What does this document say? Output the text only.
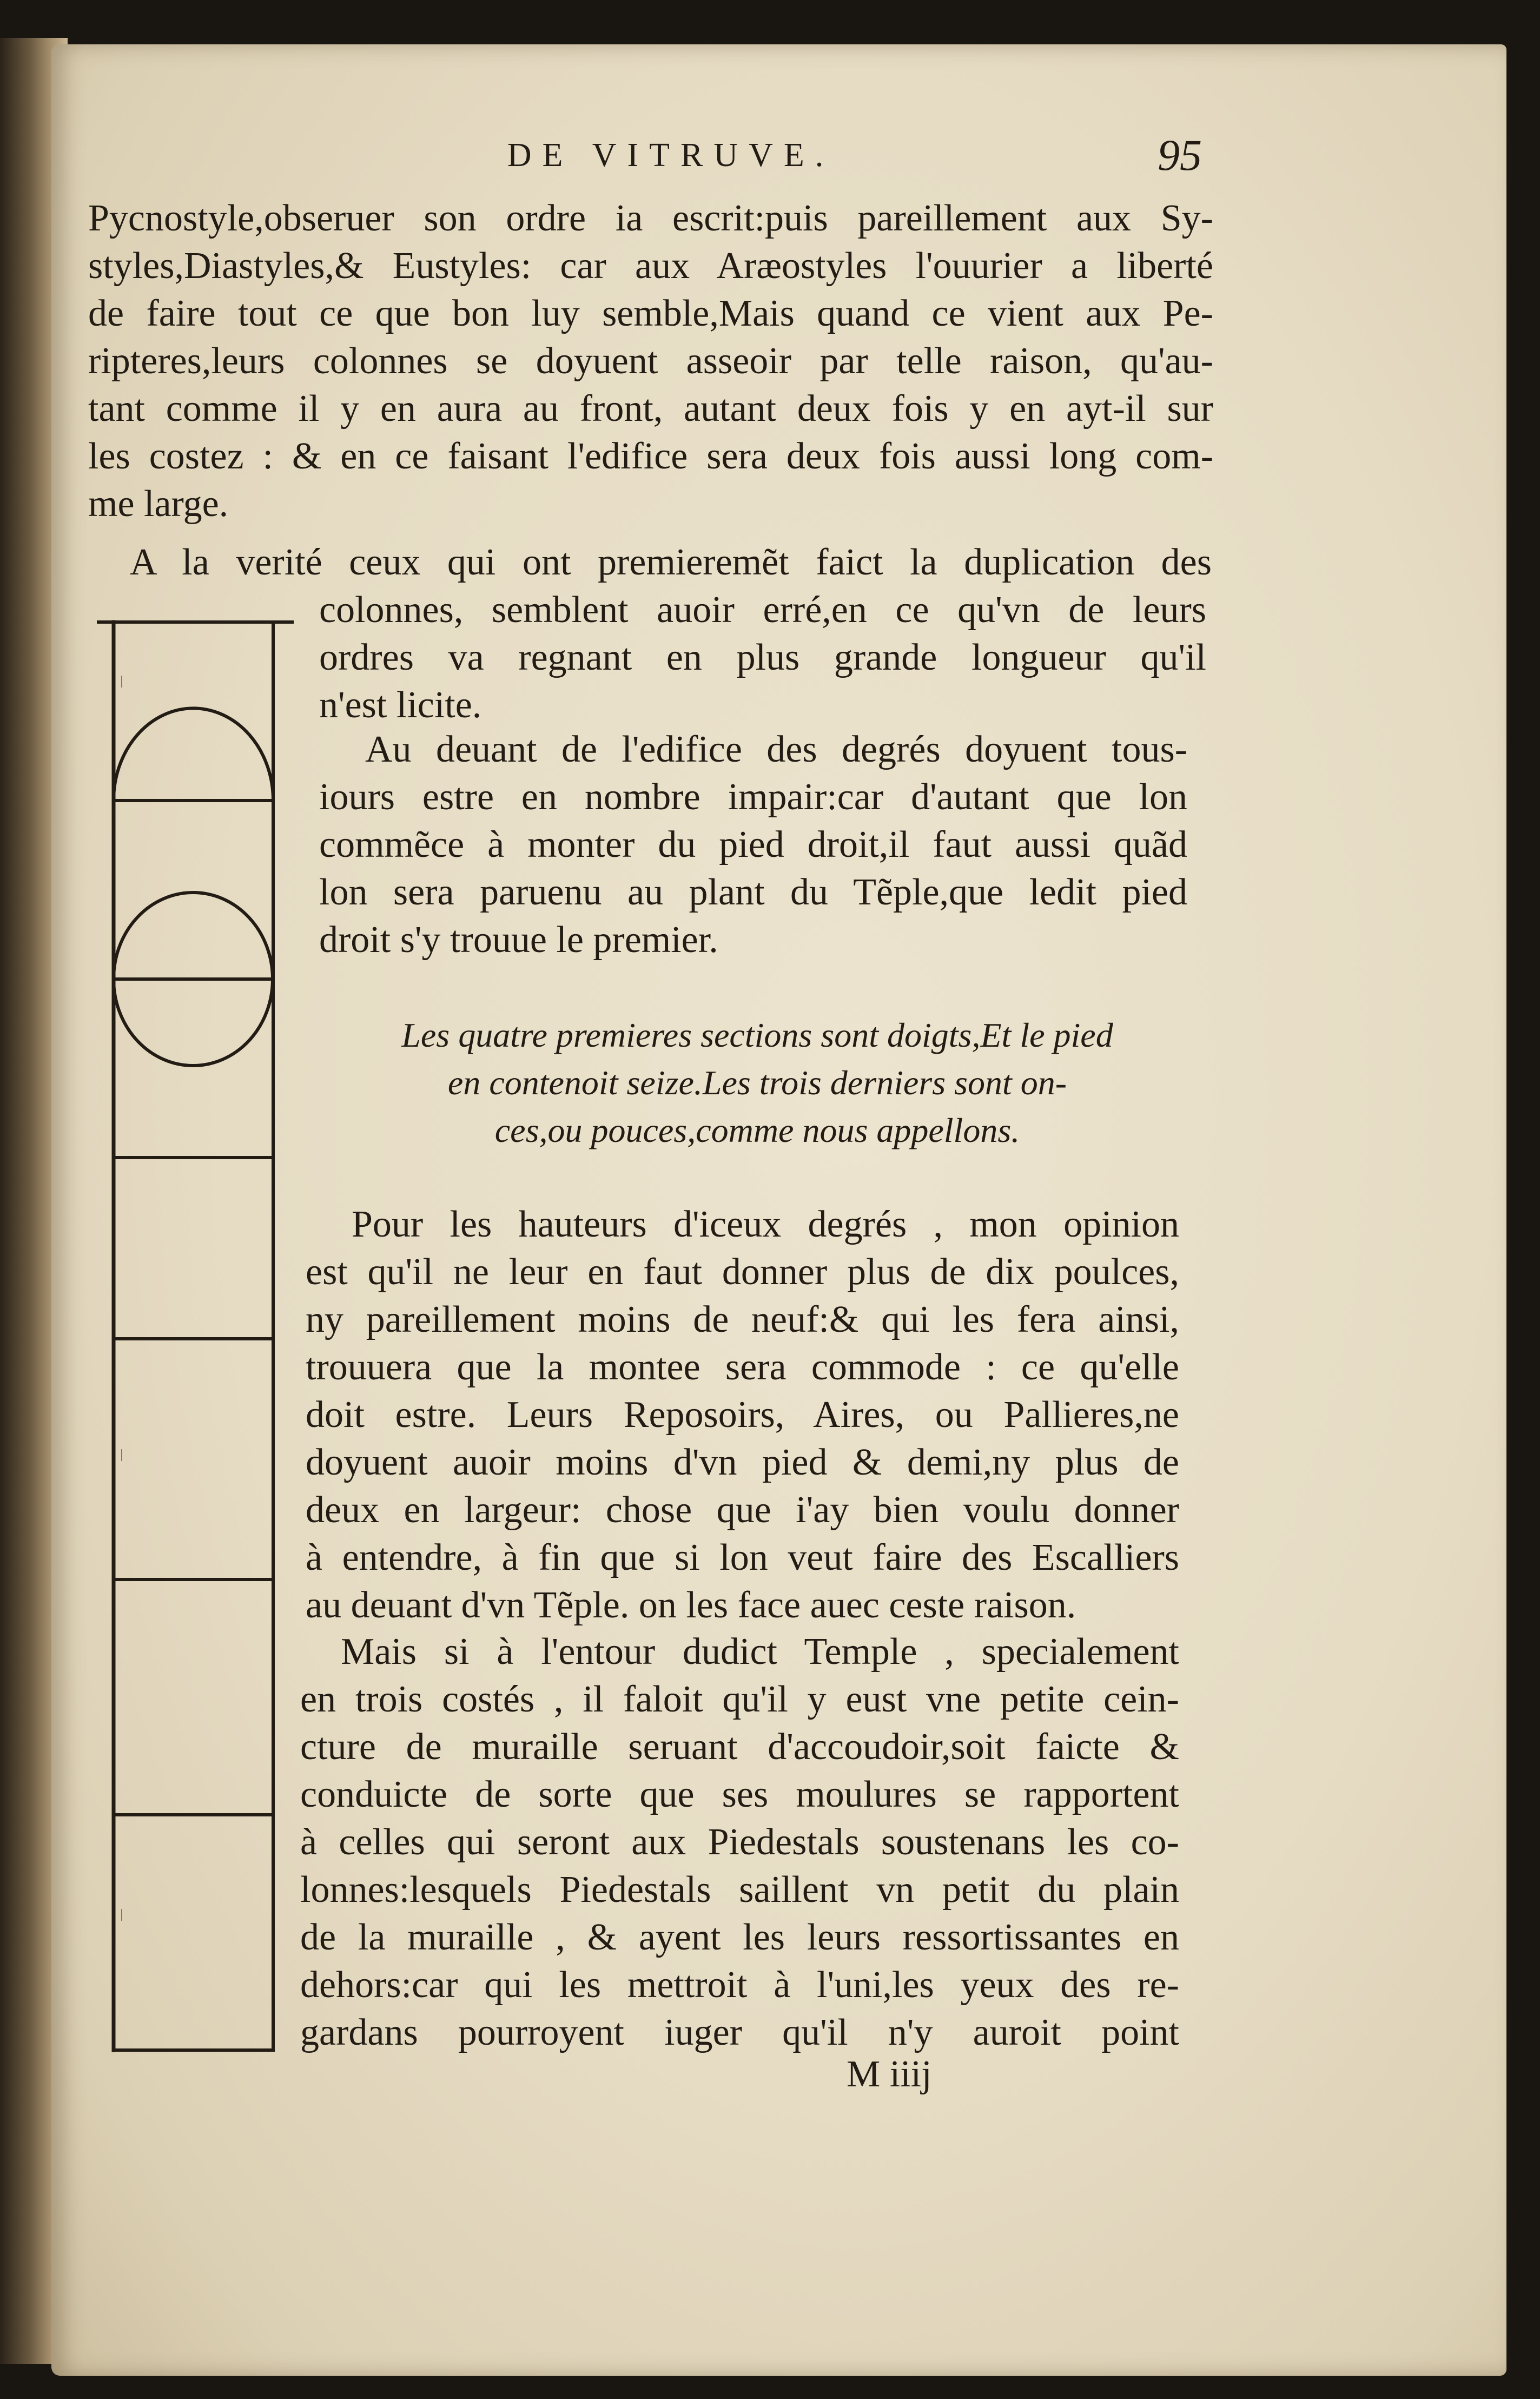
DE VITRUVE.	95
Pycnostyle,obseruer son ordre ia escrit:puis pareillement aux Sy-
styles,Diastyles,& Eustyles: car aux Aræostyles l'ouurier a liberté
de faire tout ce que bon luy semble,Mais quand ce vient aux Pe-
ripteres,leurs colonnes se doyuent asseoir par telle raison, qu'au-
tant comme il y en aura au front, autant deux fois y en ayt-il sur
les costez : & en ce faisant l'edifice sera deux fois aussi long com-
me large.
A la verité ceux qui ont premieremẽt faict la duplication des
colonnes, semblent auoir erré,en ce qu'vn de leurs
ordres va regnant en plus grande longueur qu'il
n'est licite.
Au deuant de l'edifice des degrés doyuent tous-
iours estre en nombre impair:car d'autant que lon
commẽce à monter du pied droit,il faut aussi quãd
lon sera paruenu au plant du Tẽple,que ledit pied
droit s'y trouue le premier.
Les quatre premieres sections sont doigts,Et le pied
en contenoit seize.Les trois derniers sont on-
ces,ou pouces,comme nous appellons.
Pour les hauteurs d'iceux degrés , mon opinion
est qu'il ne leur en faut donner plus de dix poulces,
ny pareillement moins de neuf:& qui les fera ainsi,
trouuera que la montee sera commode : ce qu'elle
doit estre. Leurs Reposoirs, Aires, ou Pallieres,ne
doyuent auoir moins d'vn pied & demi,ny plus de
deux en largeur: chose que i'ay bien voulu donner
à entendre, à fin que si lon veut faire des Escalliers
au deuant d'vn Tẽple. on les face auec ceste raison.
Mais si à l'entour dudict Temple , specialement
en trois costés , il faloit qu'il y eust vne petite cein-
cture de muraille seruant d'accoudoir,soit faicte &
conduicte de sorte que ses moulures se rapportent
à celles qui seront aux Piedestals soustenans les co-
lonnes:lesquels Piedestals saillent vn petit du plain
de la muraille , & ayent les leurs ressortissantes en
dehors:car qui les mettroit à l'uni,les yeux des re-
gardans pourroyent iuger qu'il n'y auroit point
M iiij
